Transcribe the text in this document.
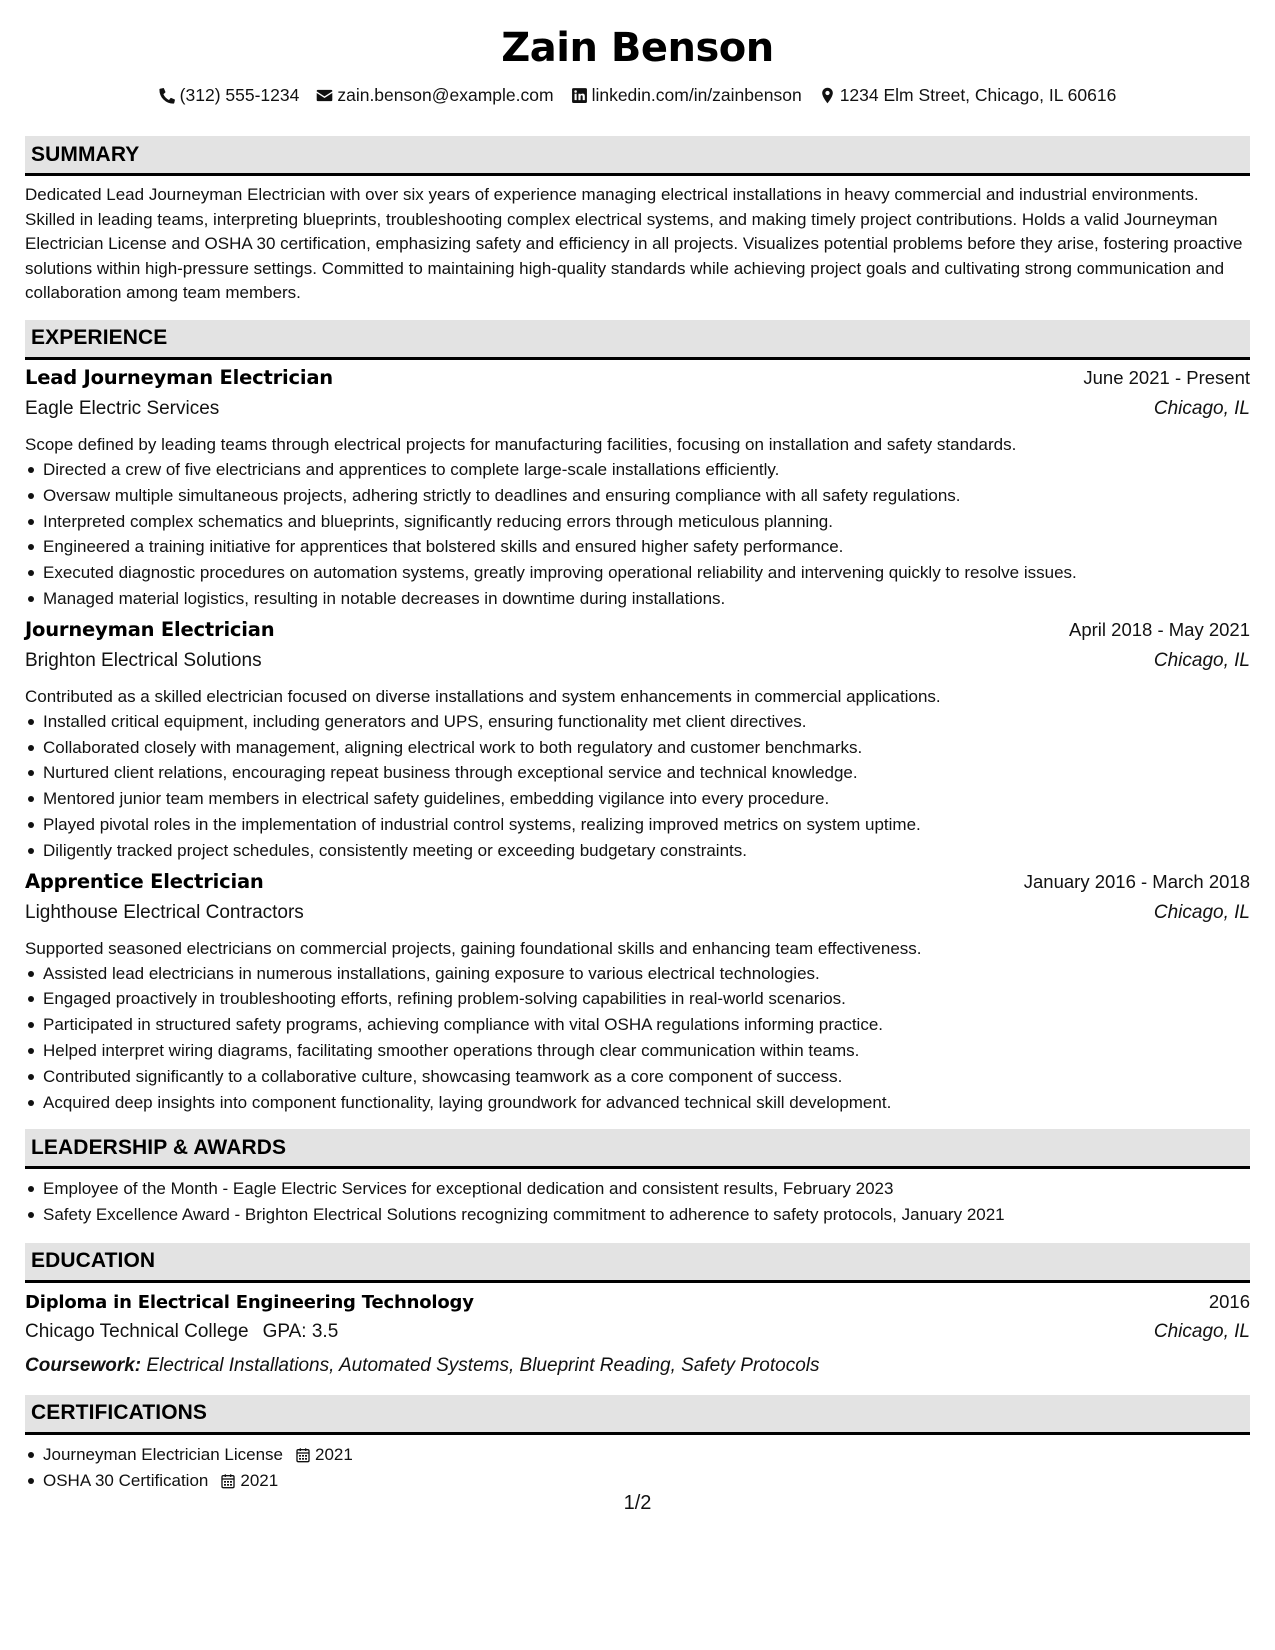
Zain Benson
(312) 555-1234 zain.benson@example.com linkedin.com/in/zainbenson 1234 Elm Street, Chicago, IL 60616
SUMMARY

Dedicated Lead Journeyman Electrician with over six years of experience managing electrical installations in heavy commercial and industrial environments. Skilled in leading teams, interpreting blueprints, troubleshooting complex electrical systems, and making timely project contributions. Holds a valid Journeyman Electrician License and OSHA 30 certification, emphasizing safety and efficiency in all projects. Visualizes potential problems before they arise, fostering proactive solutions within high-pressure settings. Committed to maintaining high-quality standards while achieving project goals and cultivating strong communication and collaboration among team members.

EXPERIENCE
Lead Journeyman Electrician	June 2021 - Present
Eagle Electric Services	Chicago, IL

Scope defined by leading teams through electrical projects for manufacturing facilities, focusing on installation and safety standards.

Directed a crew of five electricians and apprentices to complete large-scale installations efficiently.
Oversaw multiple simultaneous projects, adhering strictly to deadlines and ensuring compliance with all safety regulations.
Interpreted complex schematics and blueprints, significantly reducing errors through meticulous planning.
Engineered a training initiative for apprentices that bolstered skills and ensured higher safety performance.
Executed diagnostic procedures on automation systems, greatly improving operational reliability and intervening quickly to resolve issues.
Managed material logistics, resulting in notable decreases in downtime during installations.
Journeyman Electrician	April 2018 - May 2021
Brighton Electrical Solutions	Chicago, IL

Contributed as a skilled electrician focused on diverse installations and system enhancements in commercial applications.

Installed critical equipment, including generators and UPS, ensuring functionality met client directives.
Collaborated closely with management, aligning electrical work to both regulatory and customer benchmarks.
Nurtured client relations, encouraging repeat business through exceptional service and technical knowledge.
Mentored junior team members in electrical safety guidelines, embedding vigilance into every procedure.
Played pivotal roles in the implementation of industrial control systems, realizing improved metrics on system uptime.
Diligently tracked project schedules, consistently meeting or exceeding budgetary constraints.
Apprentice Electrician	January 2016 - March 2018
Lighthouse Electrical Contractors	Chicago, IL

Supported seasoned electricians on commercial projects, gaining foundational skills and enhancing team effectiveness.

Assisted lead electricians in numerous installations, gaining exposure to various electrical technologies.
Engaged proactively in troubleshooting efforts, refining problem-solving capabilities in real-world scenarios.
Participated in structured safety programs, achieving compliance with vital OSHA regulations informing practice.
Helped interpret wiring diagrams, facilitating smoother operations through clear communication within teams.
Contributed significantly to a collaborative culture, showcasing teamwork as a core component of success.
Acquired deep insights into component functionality, laying groundwork for advanced technical skill development.
LEADERSHIP & AWARDS
Employee of the Month - Eagle Electric Services for exceptional dedication and consistent results, February 2023
Safety Excellence Award - Brighton Electrical Solutions recognizing commitment to adherence to safety protocols, January 2021
EDUCATION
Diploma in Electrical Engineering Technology	2016
Chicago Technical College GPA: 3.5	Chicago, IL
Coursework: Electrical Installations, Automated Systems, Blueprint Reading, Safety Protocols
CERTIFICATIONS
Journeyman Electrician License 2021
OSHA 30 Certification 2021
1/2
